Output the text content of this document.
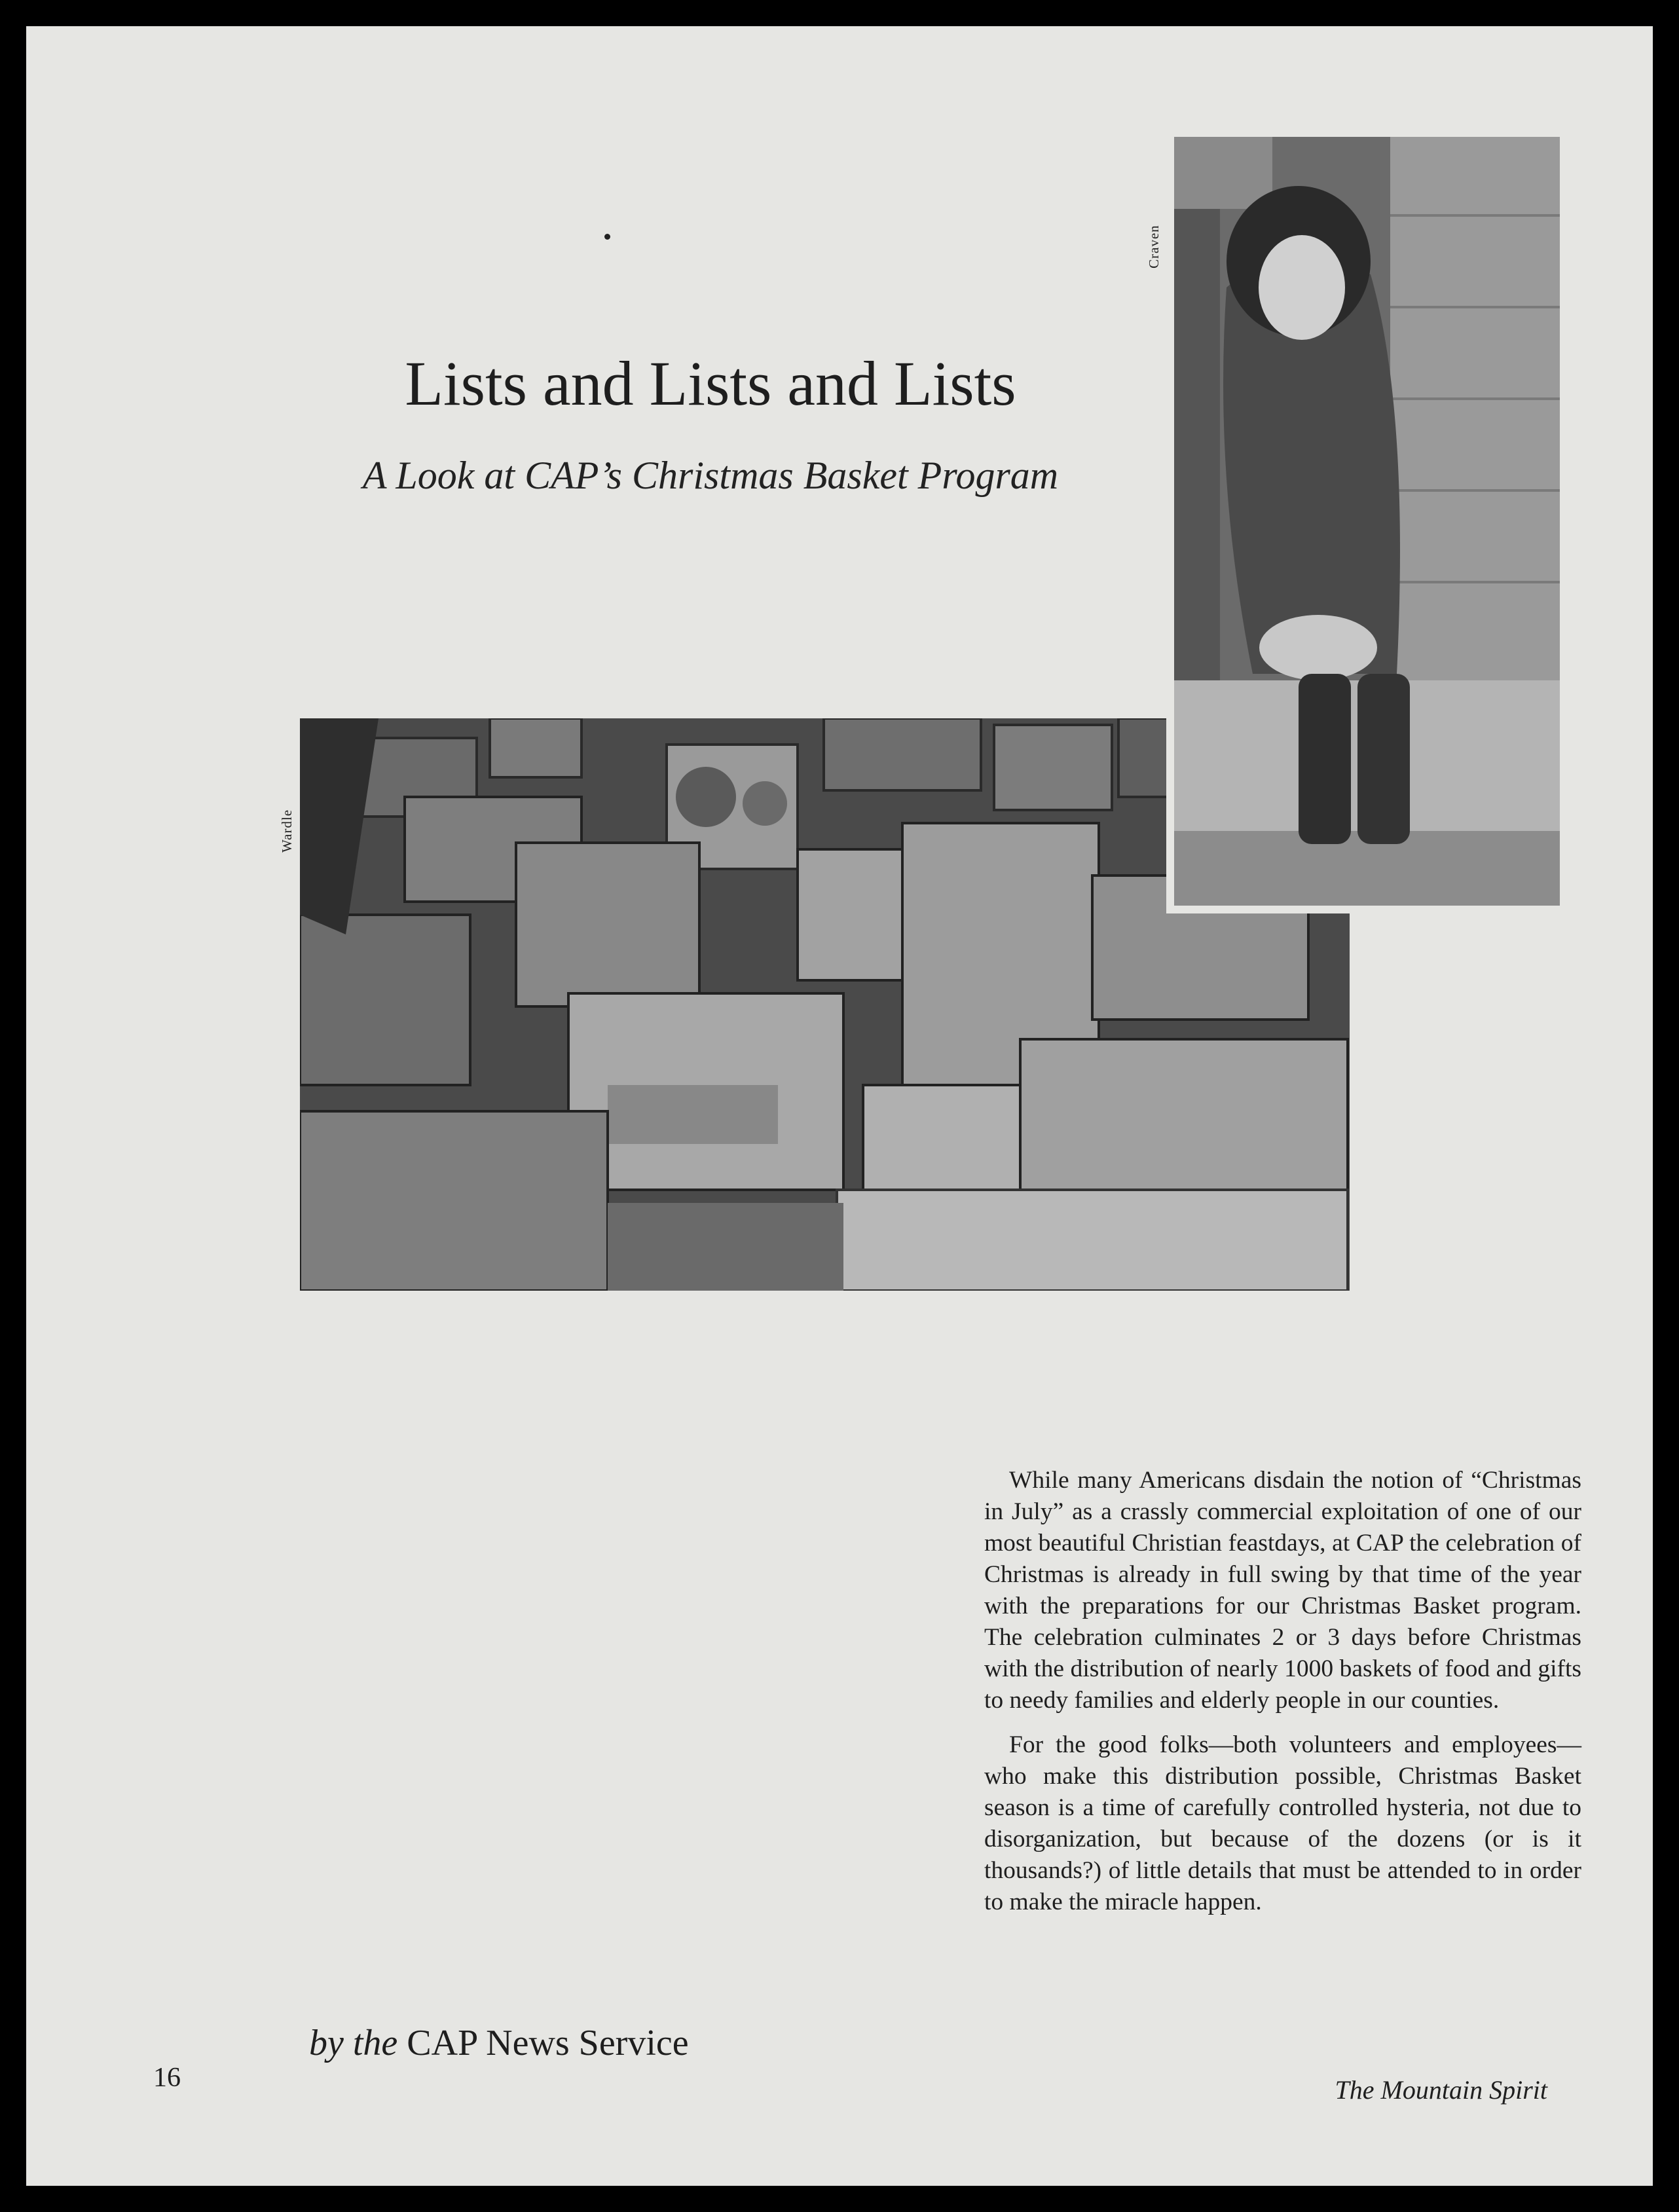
Lists and Lists and Lists
A Look at CAP’s Christmas Basket Program
Wardle
Craven

While many Americans disdain the notion of “Christmas in July” as a crassly commercial exploitation of one of our most beautiful Christian feastdays, at CAP the celebration of Christmas is already in full swing by that time of the year with the preparations for our Christmas Basket program. The celebration culminates 2 or 3 days before Christmas with the distribution of nearly 1000 baskets of food and gifts to needy families and elderly people in our counties.

For the good folks—both volunteers and employees—who make this distribution possible, Christmas Basket season is a time of carefully controlled hysteria, not due to disorganization, but because of the dozens (or is it thousands?) of little details that must be attended to in order to make the miracle happen.

by the CAP News Service
16	The Mountain Spirit
